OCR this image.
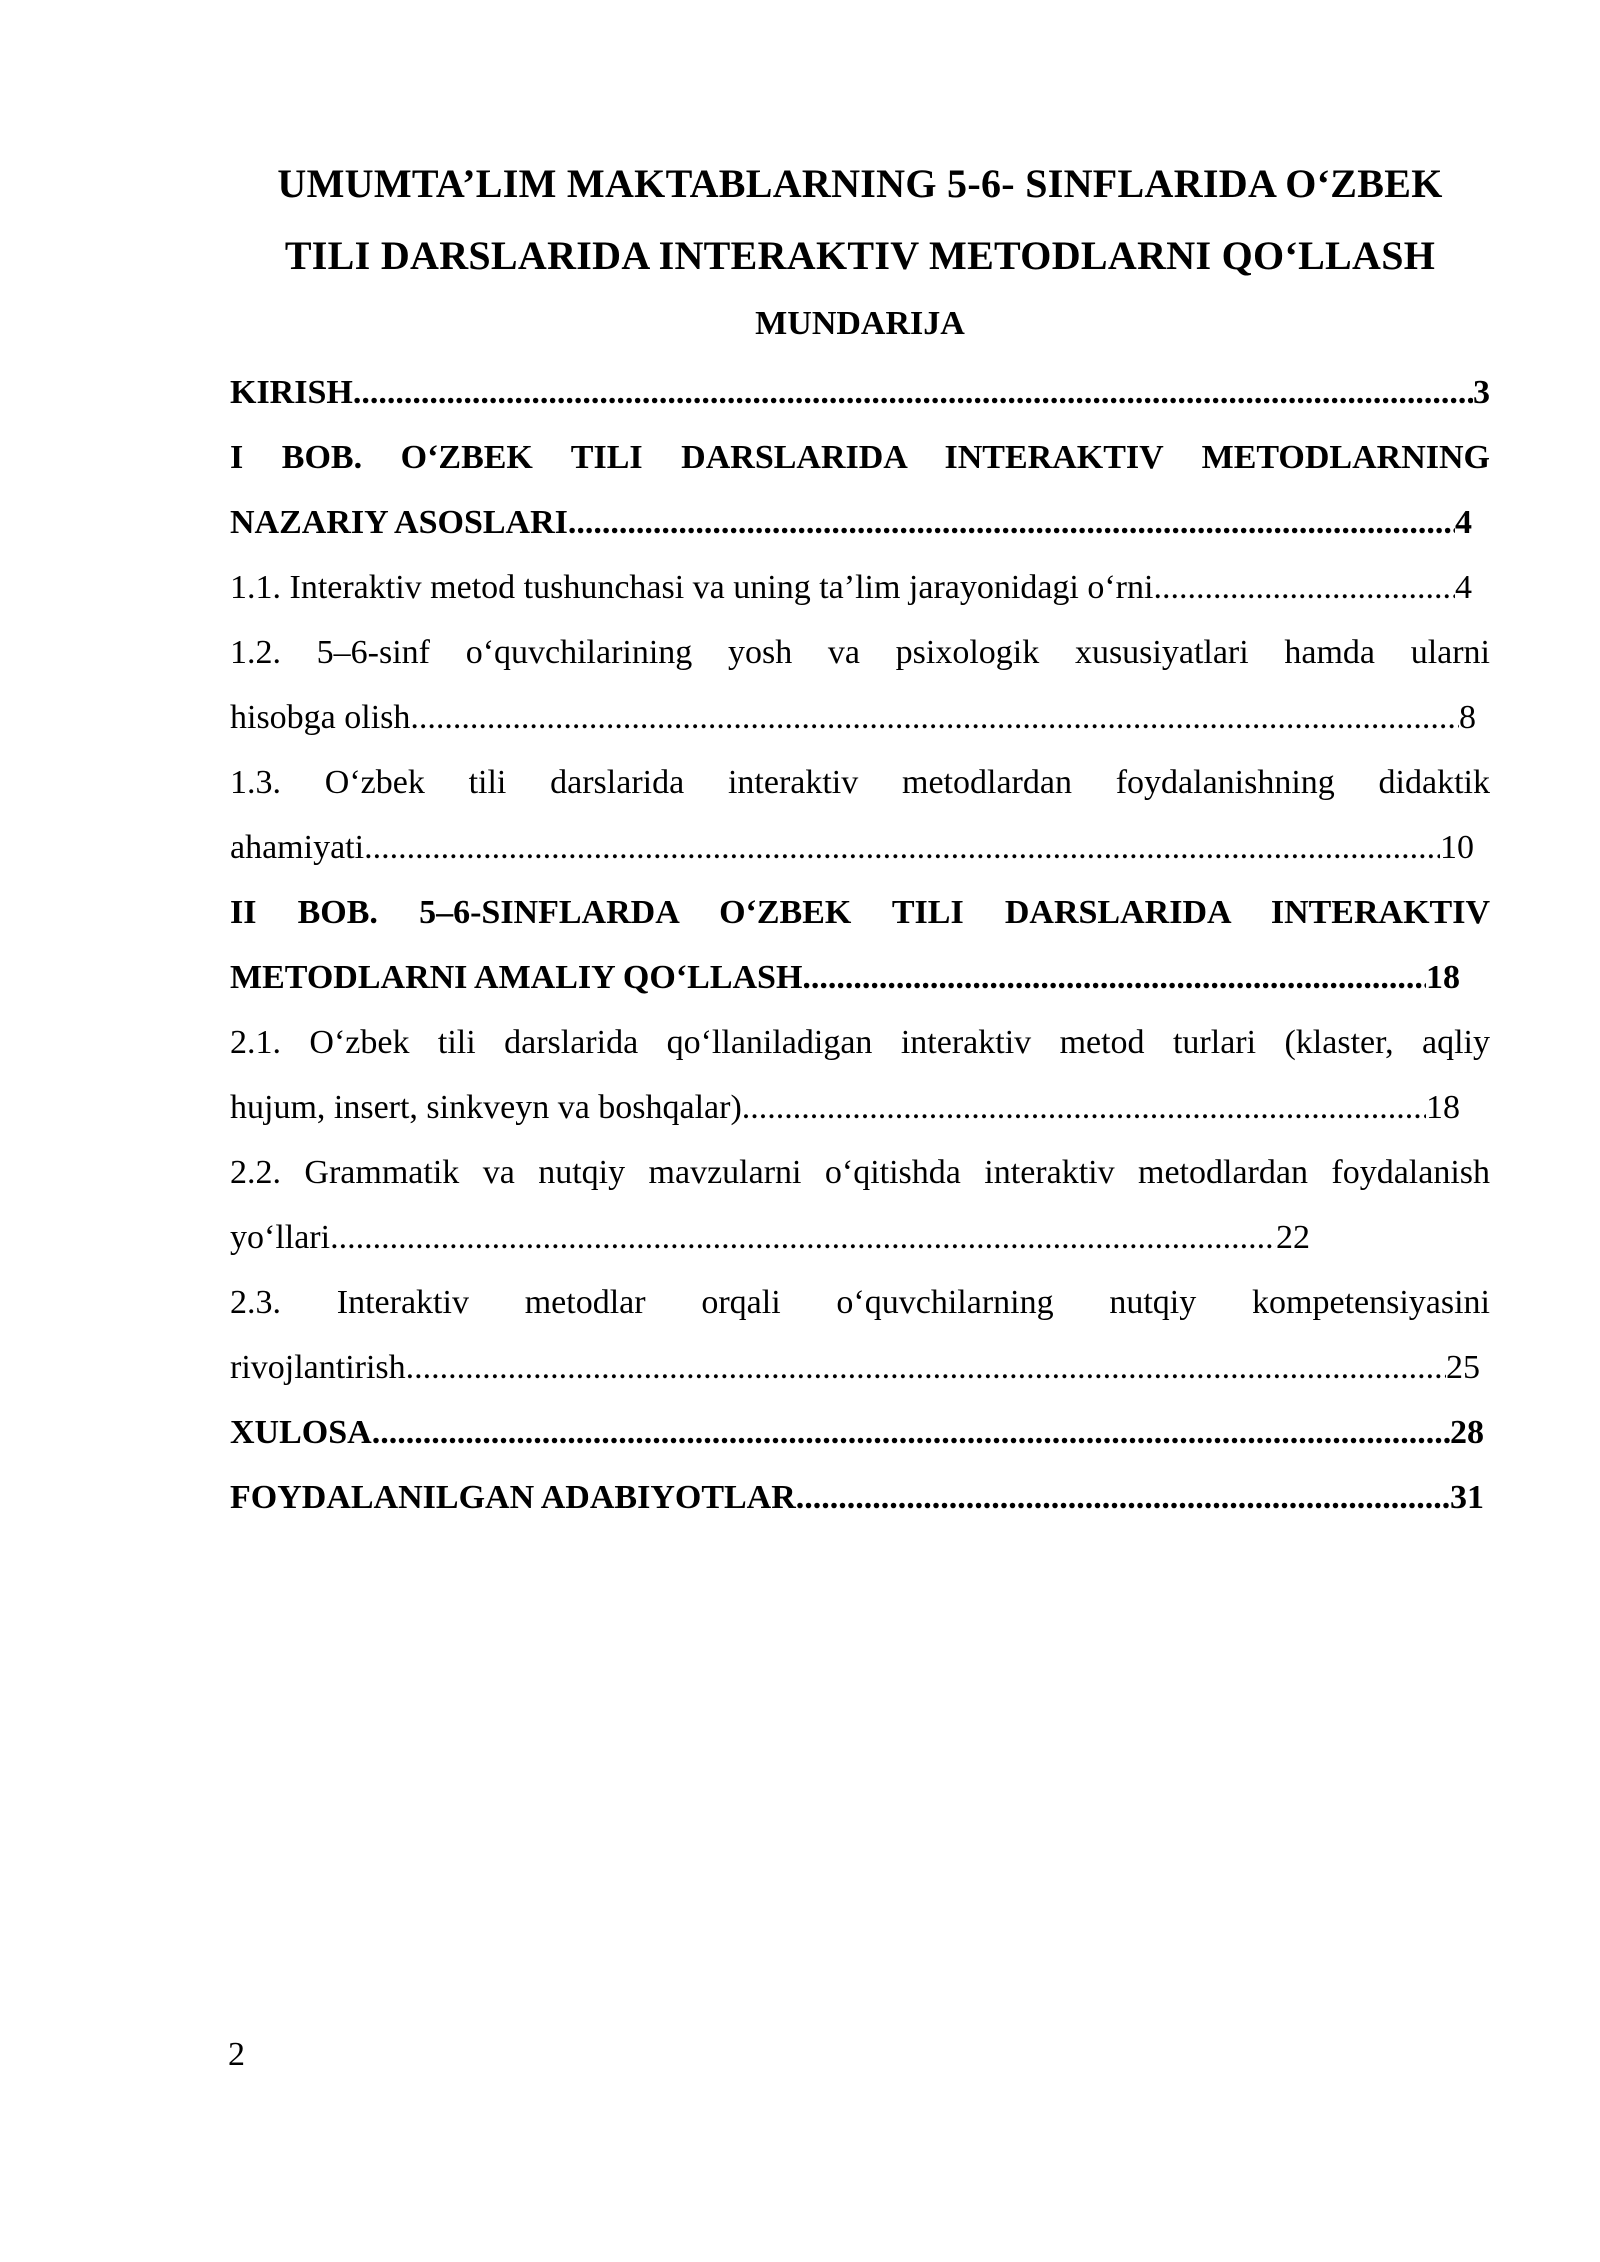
UMUMTA’LIM MAKTABLARNING 5-6- SINFLARIDA O‘ZBEK
TILI DARSLARIDA INTERAKTIV METODLARNI QO‘LLASH
MUNDARIJA
KIRISH .....	3
I BOB. O‘ZBEK TILI DARSLARIDA INTERAKTIV METODLARNING
NAZARIY ASOSLARI .....	4
1.1. Interaktiv metod tushunchasi va uning ta’lim jarayonidagi o‘rni .....	4
1.2. 5–6-sinf o‘quvchilarining yosh va psixologik xususiyatlari hamda ularni
hisobga olish .....	8
1.3. O‘zbek tili darslarida interaktiv metodlardan foydalanishning didaktik
ahamiyati .....	10
II BOB. 5–6-SINFLARDA O‘ZBEK TILI DARSLARIDA INTERAKTIV
METODLARNI AMALIY QO‘LLASH .....	18
2.1. O‘zbek tili darslarida qo‘llaniladigan interaktiv metod turlari (klaster, aqliy
hujum, insert, sinkveyn va boshqalar) .....	18
2.2. Grammatik va nutqiy mavzularni o‘qitishda interaktiv metodlardan foydalanish
yo‘llari .....	22
2.3. Interaktiv metodlar orqali o‘quvchilarning nutqiy kompetensiyasini
rivojlantirish .....	25
XULOSA .....	28
FOYDALANILGAN ADABIYOTLAR .....	31
2
